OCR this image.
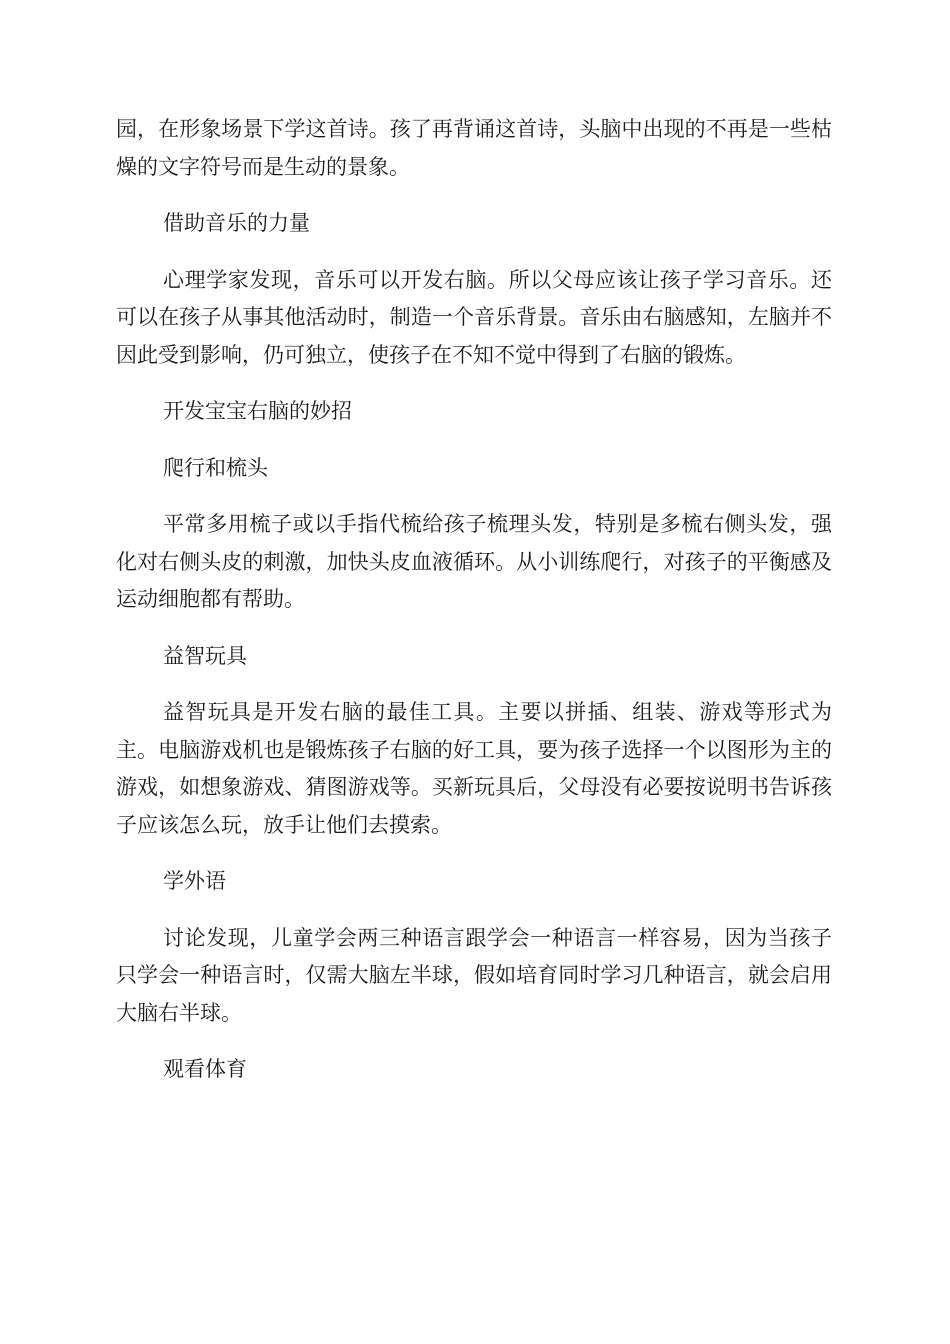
园，在形象场景下学这首诗。孩了再背诵这首诗，头脑中出现的不再是一些枯燥的文字符号而是生动的景象。

借助音乐的力量

心理学家发现，音乐可以开发右脑。所以父母应该让孩子学习音乐。还可以在孩子从事其他活动时，制造一个音乐背景。音乐由右脑感知，左脑并不因此受到影响，仍可独立，使孩子在不知不觉中得到了右脑的锻炼。

开发宝宝右脑的妙招

爬行和梳头

平常多用梳子或以手指代梳给孩子梳理头发，特别是多梳右侧头发，强化对右侧头皮的刺激，加快头皮血液循环。从小训练爬行，对孩子的平衡感及运动细胞都有帮助。

益智玩具

益智玩具是开发右脑的最佳工具。主要以拼插、组装、游戏等形式为主。电脑游戏机也是锻炼孩子右脑的好工具，要为孩子选择一个以图形为主的游戏，如想象游戏、猜图游戏等。买新玩具后，父母没有必要按说明书告诉孩子应该怎么玩，放手让他们去摸索。

学外语

讨论发现，儿童学会两三种语言跟学会一种语言一样容易，因为当孩子只学会一种语言时，仅需大脑左半球，假如培育同时学习几种语言，就会启用大脑右半球。

观看体育
